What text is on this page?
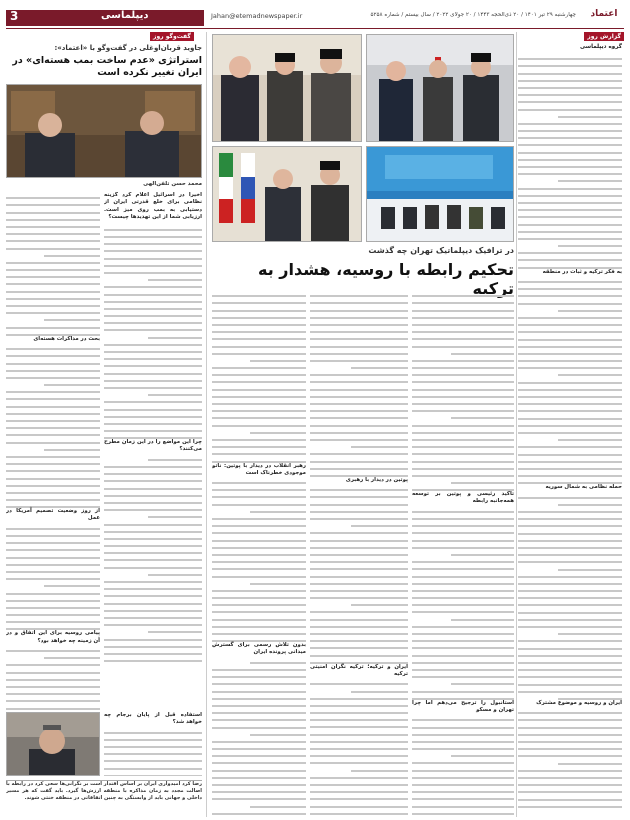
دیپلماسی
3	Jahan@etemadnewspaper.ir	چهارشنبه ۲۹ تیر ۱۴۰۱ / ۲۰ ذی‌الحجه ۱۴۴۳ / ۲۰ جولای ۲۰۲۲ / سال بیستم / شماره ۵۲۵۸	اعتماد
گزارش روز
گروه دیپلماسی
به فکر ترکیه و ثبات در منطقه
حمله نظامی به شمال سوریه
ایران و روسیه و موضوع مشترک
در ترافیک دیپلماتیک تهران چه گذشت
تحکیم رابطه با روسیه، هشدار به ترکیه
تاکید رئیسی و پوتین بر توسعه همه‌جانبه رابطه
استانبول را ترجیح می‌دهم اما چرا تهران و مسکو
پوتین در دیدار با رهبری
ایران و ترکیه؛ ترکیه نگران امنیتی ترکیه
رهبر انقلاب در دیدار با پوتین: ناتو موجودی خطرناک است
بدون تلاش رسمی برای گسترش میدانی پرونده ایران
گفت‌وگو روز
جاوید قربان‌اوغلی در گفت‌وگو با «اعتماد»:
استراتژی «عدم ساخت بمب هسته‌ای» در ایران تغییر نکرده است
محمد حسن تلفن‌الهی
اخیراً در اسرائیل اعلام کرد گزینه نظامی برای خلع قدرتی ایران از دستیابی به بمب روی میز است. ارزیابی شما از این تهدیدها چیست؟
چرا این مواضع را در این زمان مطرح می‌کنند؟
بحث در مذاکرات هسته‌ای
از روز وضعیت تصمیم آمریکا در عمل
پیامی روسیه برای این اتفاق و در آن زمینه چه خواهد بود؟
استفاده قبل از پایان برجام چه خواهد شد؟
رضا کرد امیدواری ایران بر اساس اقتدار است بر نگرانی‌ها سعی کرد در رابطه با اصالت مجدد به زمان مذاکره با منطقه ارزش‌ها گیرد. باید گفت که هر مسیر داخلی و جهانی باید از وابستگی به چنین اتفاقاتی در منطقه خنثی شوند.
